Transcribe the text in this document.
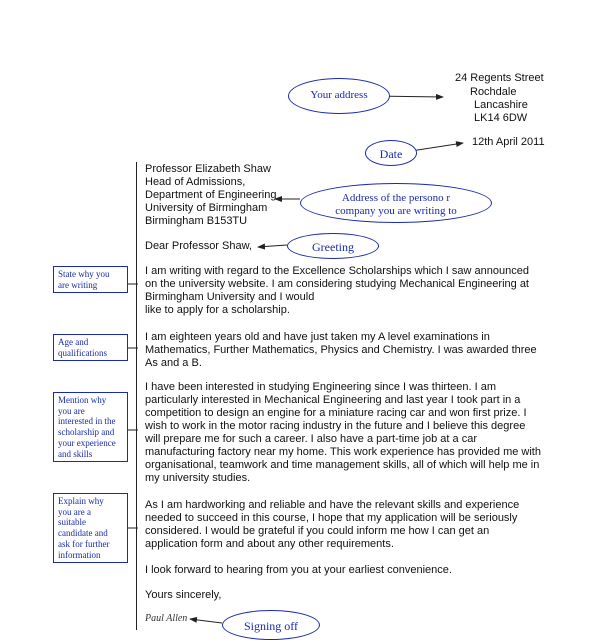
24 Regents Street
Rochdale
Lancashire
LK14 6DW
12th April 2011
Professor Elizabeth Shaw
Head of Admissions,
Department of Engineering
University of Birmingham
Birmingham B153TU
Dear Professor Shaw,
I am writing with regard to the Excellence Scholarships which I saw announced
on the university website. I am considering studying Mechanical Engineering at
Birmingham University and I would
like to apply for a scholarship.
I am eighteen years old and have just taken my A level examinations in
Mathematics, Further Mathematics, Physics and Chemistry. I was awarded three
As and a B.
I have been interested in studying Engineering since I was thirteen. I am
particularly interested in Mechanical Engineering and last year I took part in a
competition to design an engine for a miniature racing car and won first prize. I
wish to work in the motor racing industry in the future and I believe this degree
will prepare me for such a career. I also have a part-time job at a car
manufacturing factory near my home. This work experience has provided me with
organisational, teamwork and time management skills, all of which will help me in
my university studies.
As I am hardworking and reliable and have the relevant skills and experience
needed to succeed in this course, I hope that my application will be seriously
considered. I would be grateful if you could inform me how I can get an
application form and about any other requirements.
I look forward to hearing from you at your earliest convenience.
Yours sincerely,
Paul Allen
Your address
Date
Address of the persono r
company you are writing to
Greeting
Signing off
State why you
are writing
Age and
qualifications
Mention why
you are
interested in the
scholarship and
your experience
and skills
Explain why
you are a
suitable
candidate and
ask for further
information
